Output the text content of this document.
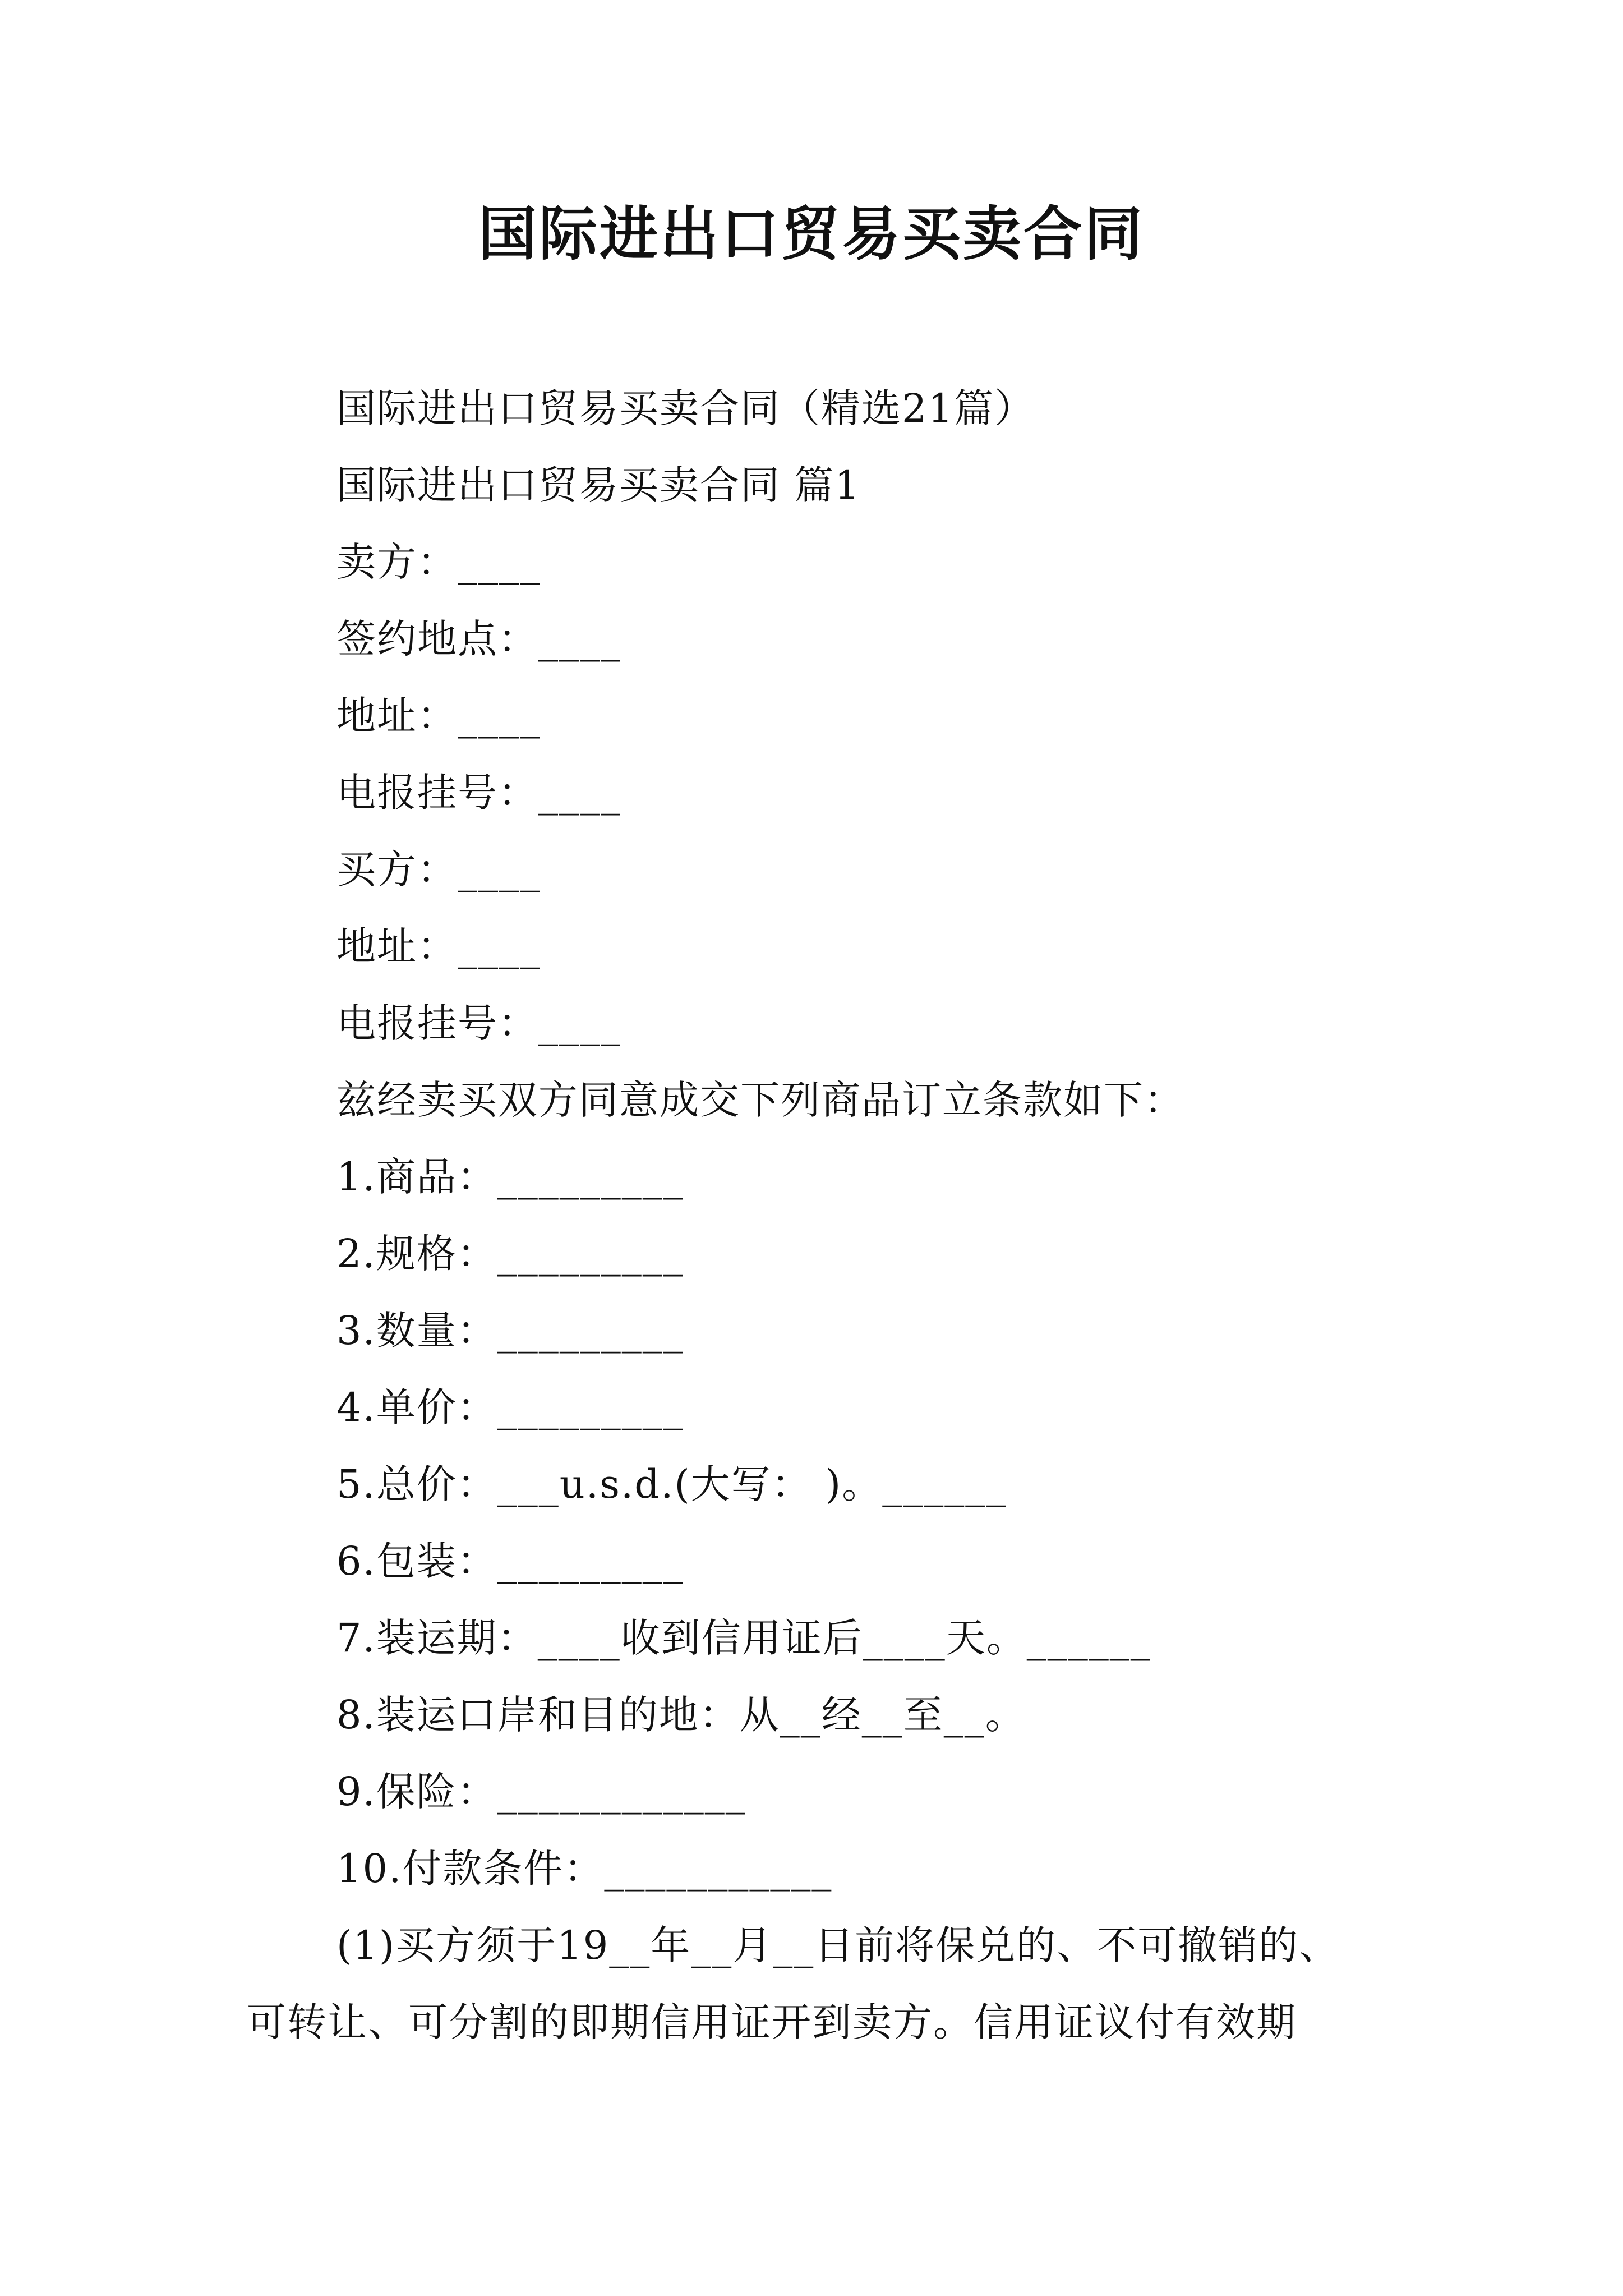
国际进出口贸易买卖合同
国际进出口贸易买卖合同（精选21篇）
国际进出口贸易买卖合同 篇1
卖方：____
签约地点：____
地址：____
电报挂号：____
买方：____
地址：____
电报挂号：____
兹经卖买双方同意成交下列商品订立条款如下：
1.商品：_________
2.规格：_________
3.数量：_________
4.单价：_________
5.总价：___u.s.d.(大写： )。______
6.包装：_________
7.装运期：____收到信用证后____天。______
8.装运口岸和目的地：从__经__至__。
9.保险：____________
10.付款条件：___________
(1)买方须于19__年__月__日前将保兑的、不可撤销的、
可转让、可分割的即期信用证开到卖方。信用证议付有效期
